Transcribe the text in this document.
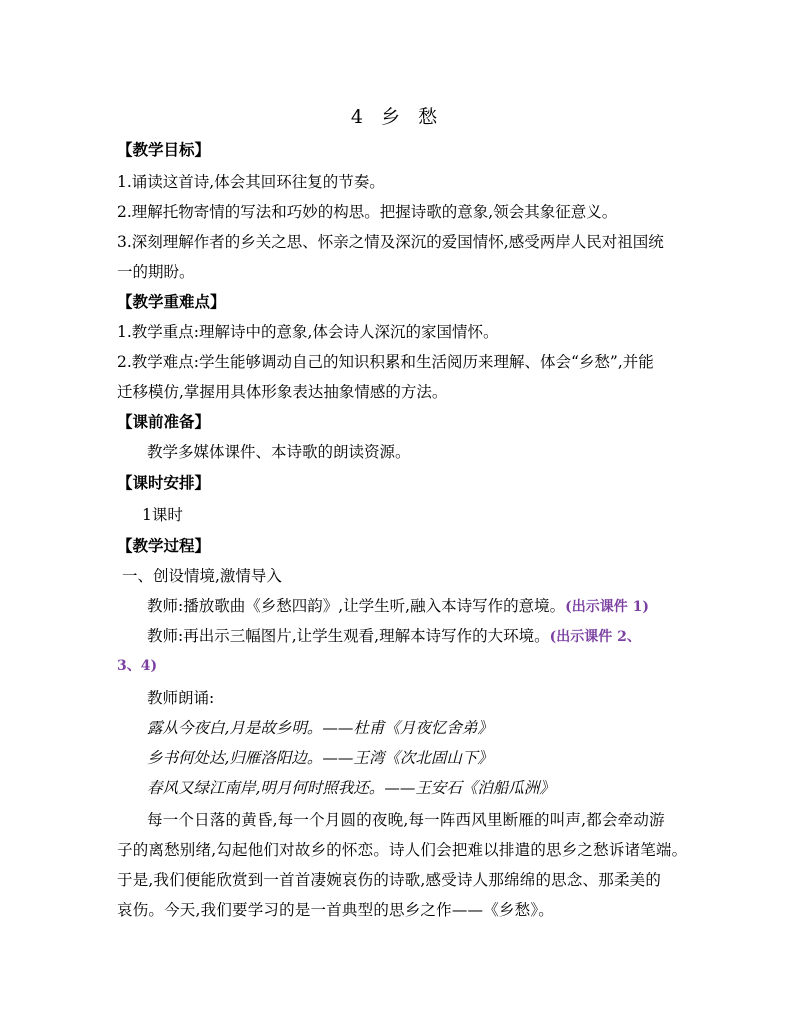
4 乡 愁
【教学目标】
1.诵读这首诗,体会其回环往复的节奏。
2.理解托物寄情的写法和巧妙的构思。把握诗歌的意象,领会其象征意义。
3.深刻理解作者的乡关之思、怀亲之情及深沉的爱国情怀,感受两岸人民对祖国统
一的期盼。
【教学重难点】
1.教学重点:理解诗中的意象,体会诗人深沉的家国情怀。
2.教学难点:学生能够调动自己的知识积累和生活阅历来理解、体会“乡愁”,并能
迁移模仿,掌握用具体形象表达抽象情感的方法。
【课前准备】
教学多媒体课件、本诗歌的朗读资源。
【课时安排】
1课时
【教学过程】
一、创设情境,激情导入
教师:播放歌曲《乡愁四韵》,让学生听,融入本诗写作的意境。(出示课件 1)
教师:再出示三幅图片,让学生观看,理解本诗写作的大环境。(出示课件 2、
3、4)
教师朗诵:
露从今夜白,月是故乡明。——杜甫《月夜忆舍弟》
乡书何处达,归雁洛阳边。——王湾《次北固山下》
春风又绿江南岸,明月何时照我还。——王安石《泊船瓜洲》
每一个日落的黄昏,每一个月圆的夜晚,每一阵西风里断雁的叫声,都会牵动游
子的离愁别绪,勾起他们对故乡的怀恋。诗人们会把难以排遣的思乡之愁诉诸笔端。
于是,我们便能欣赏到一首首凄婉哀伤的诗歌,感受诗人那绵绵的思念、那柔美的
哀伤。今天,我们要学习的是一首典型的思乡之作——《乡愁》。
